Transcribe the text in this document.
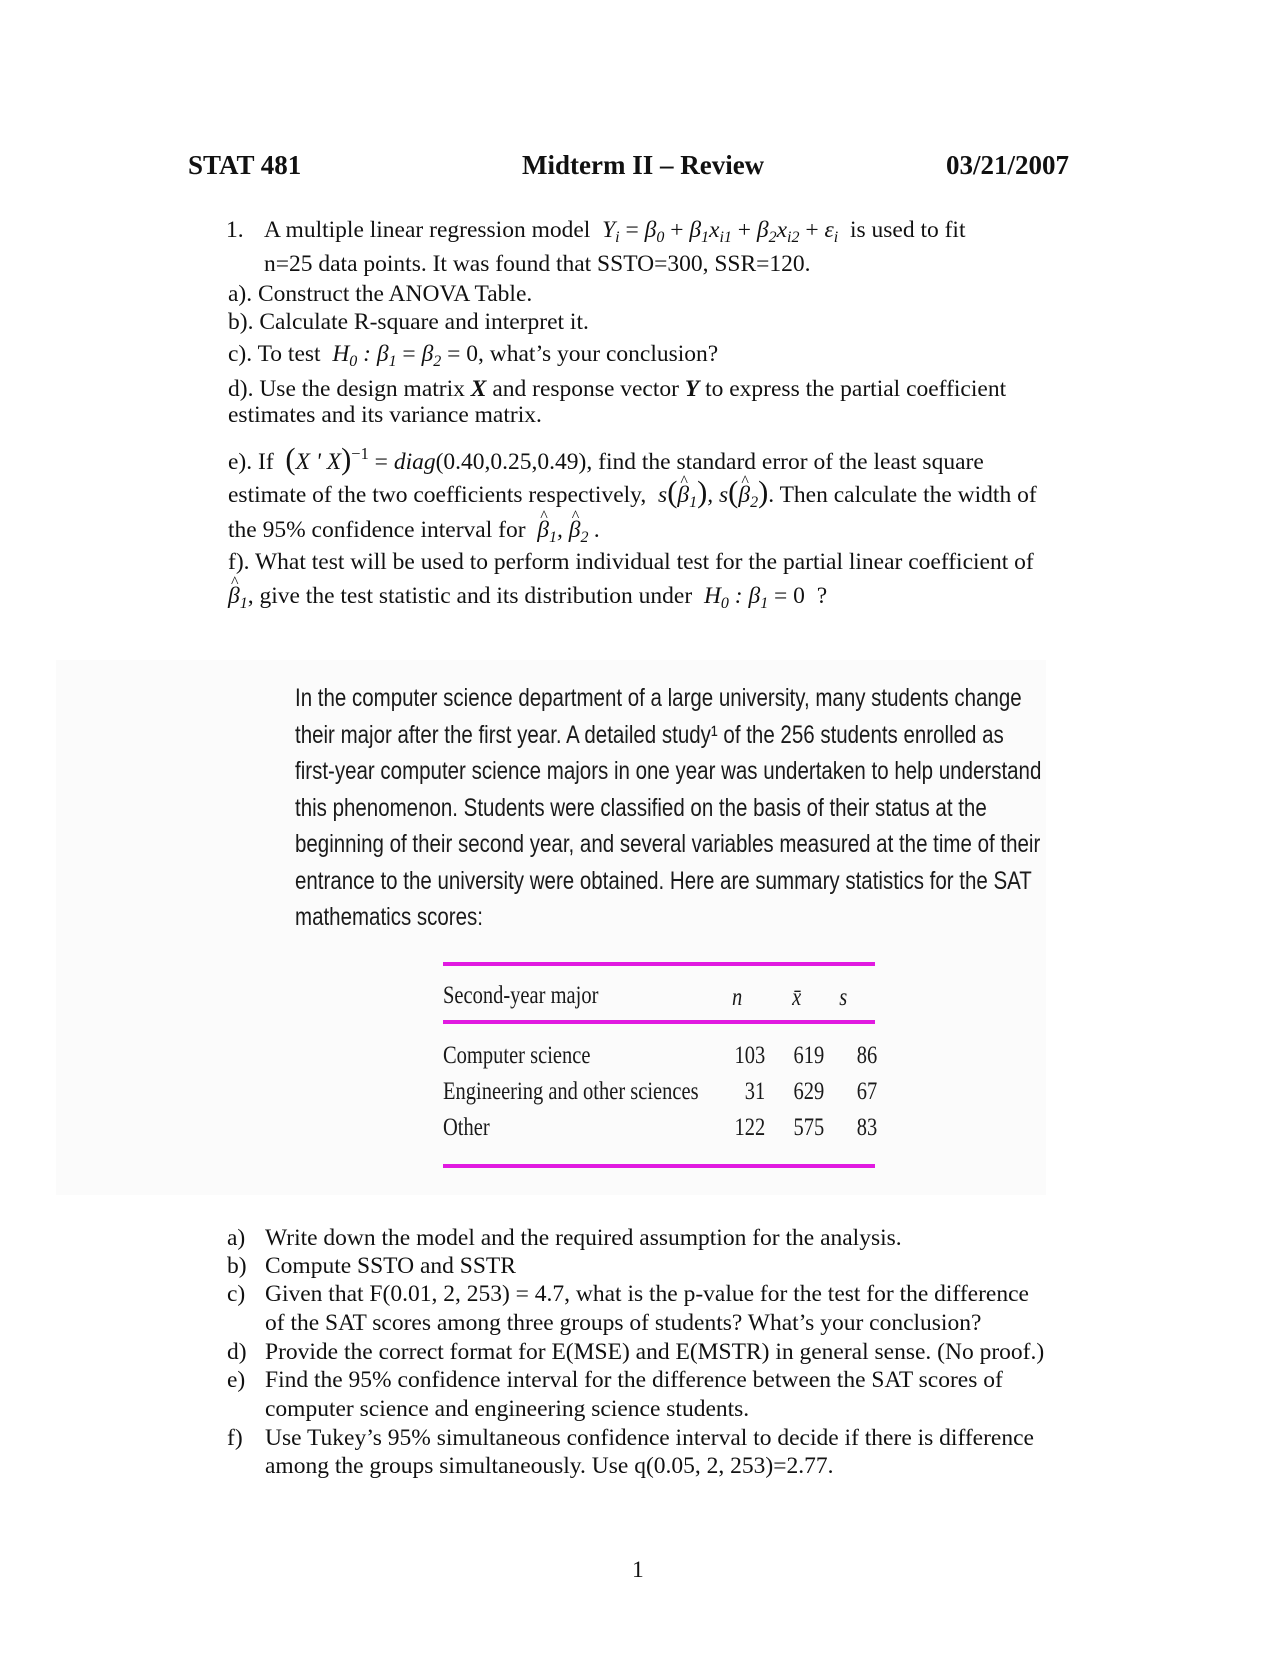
STAT 481	Midterm II – Review	03/21/2007
1. A multiple linear regression model  $Y_i = \beta_0 + \beta_1x_{i1} + \beta_2x_{i2} + \varepsilon_i$ is used to fit
n=25 data points. It was found that SSTO=300, SSR=120.
a). Construct the ANOVA Table.
b). Calculate R-square and interpret it.
c). To test  $H_0$ : $\beta_1 = \beta_2 = 0$, what’s your conclusion?
d). Use the design matrix X and response vector Y to express the partial coefficient
estimates and its variance matrix.
e). If (X ' X)$^{-1}$ = diag(0.40,0.25,0.49), find the standard error of the least square
estimate of the two coefficients respectively,  s(^ $\beta_1$), s(^ $\beta_2$). Then calculate the width of
the 95% confidence interval for  ^ $\beta_1$, ^ $\beta_2$ .
f). What test will be used to perform individual test for the partial linear coefficient of
^ $\beta_1$, give the test statistic and its distribution under  $H_0$ : $\beta_1 = 0$ ?
In the computer science department of a large university, many students change
their major after the first year. A detailed study¹ of the 256 students enrolled as
first-year computer science majors in one year was undertaken to help understand
this phenomenon. Students were classified on the basis of their status at the
beginning of their second year, and several variables measured at the time of their
entrance to the university were obtained. Here are summary statistics for the SAT
mathematics scores:
Second-year major	n	x̄	s
Computer science	103	619	86
Engineering and other sciences	31	629	67
Other	122	575	83
a) Write down the model and the required assumption for the analysis.
b) Compute SSTO and SSTR
c) Given that F(0.01, 2, 253) = 4.7, what is the p-value for the test for the difference
of the SAT scores among three groups of students? What’s your conclusion?
d) Provide the correct format for E(MSE) and E(MSTR) in general sense. (No proof.)
e) Find the 95% confidence interval for the difference between the SAT scores of
computer science and engineering science students.
f) Use Tukey’s 95% simultaneous confidence interval to decide if there is difference
among the groups simultaneously. Use q(0.05, 2, 253)=2.77.
1
